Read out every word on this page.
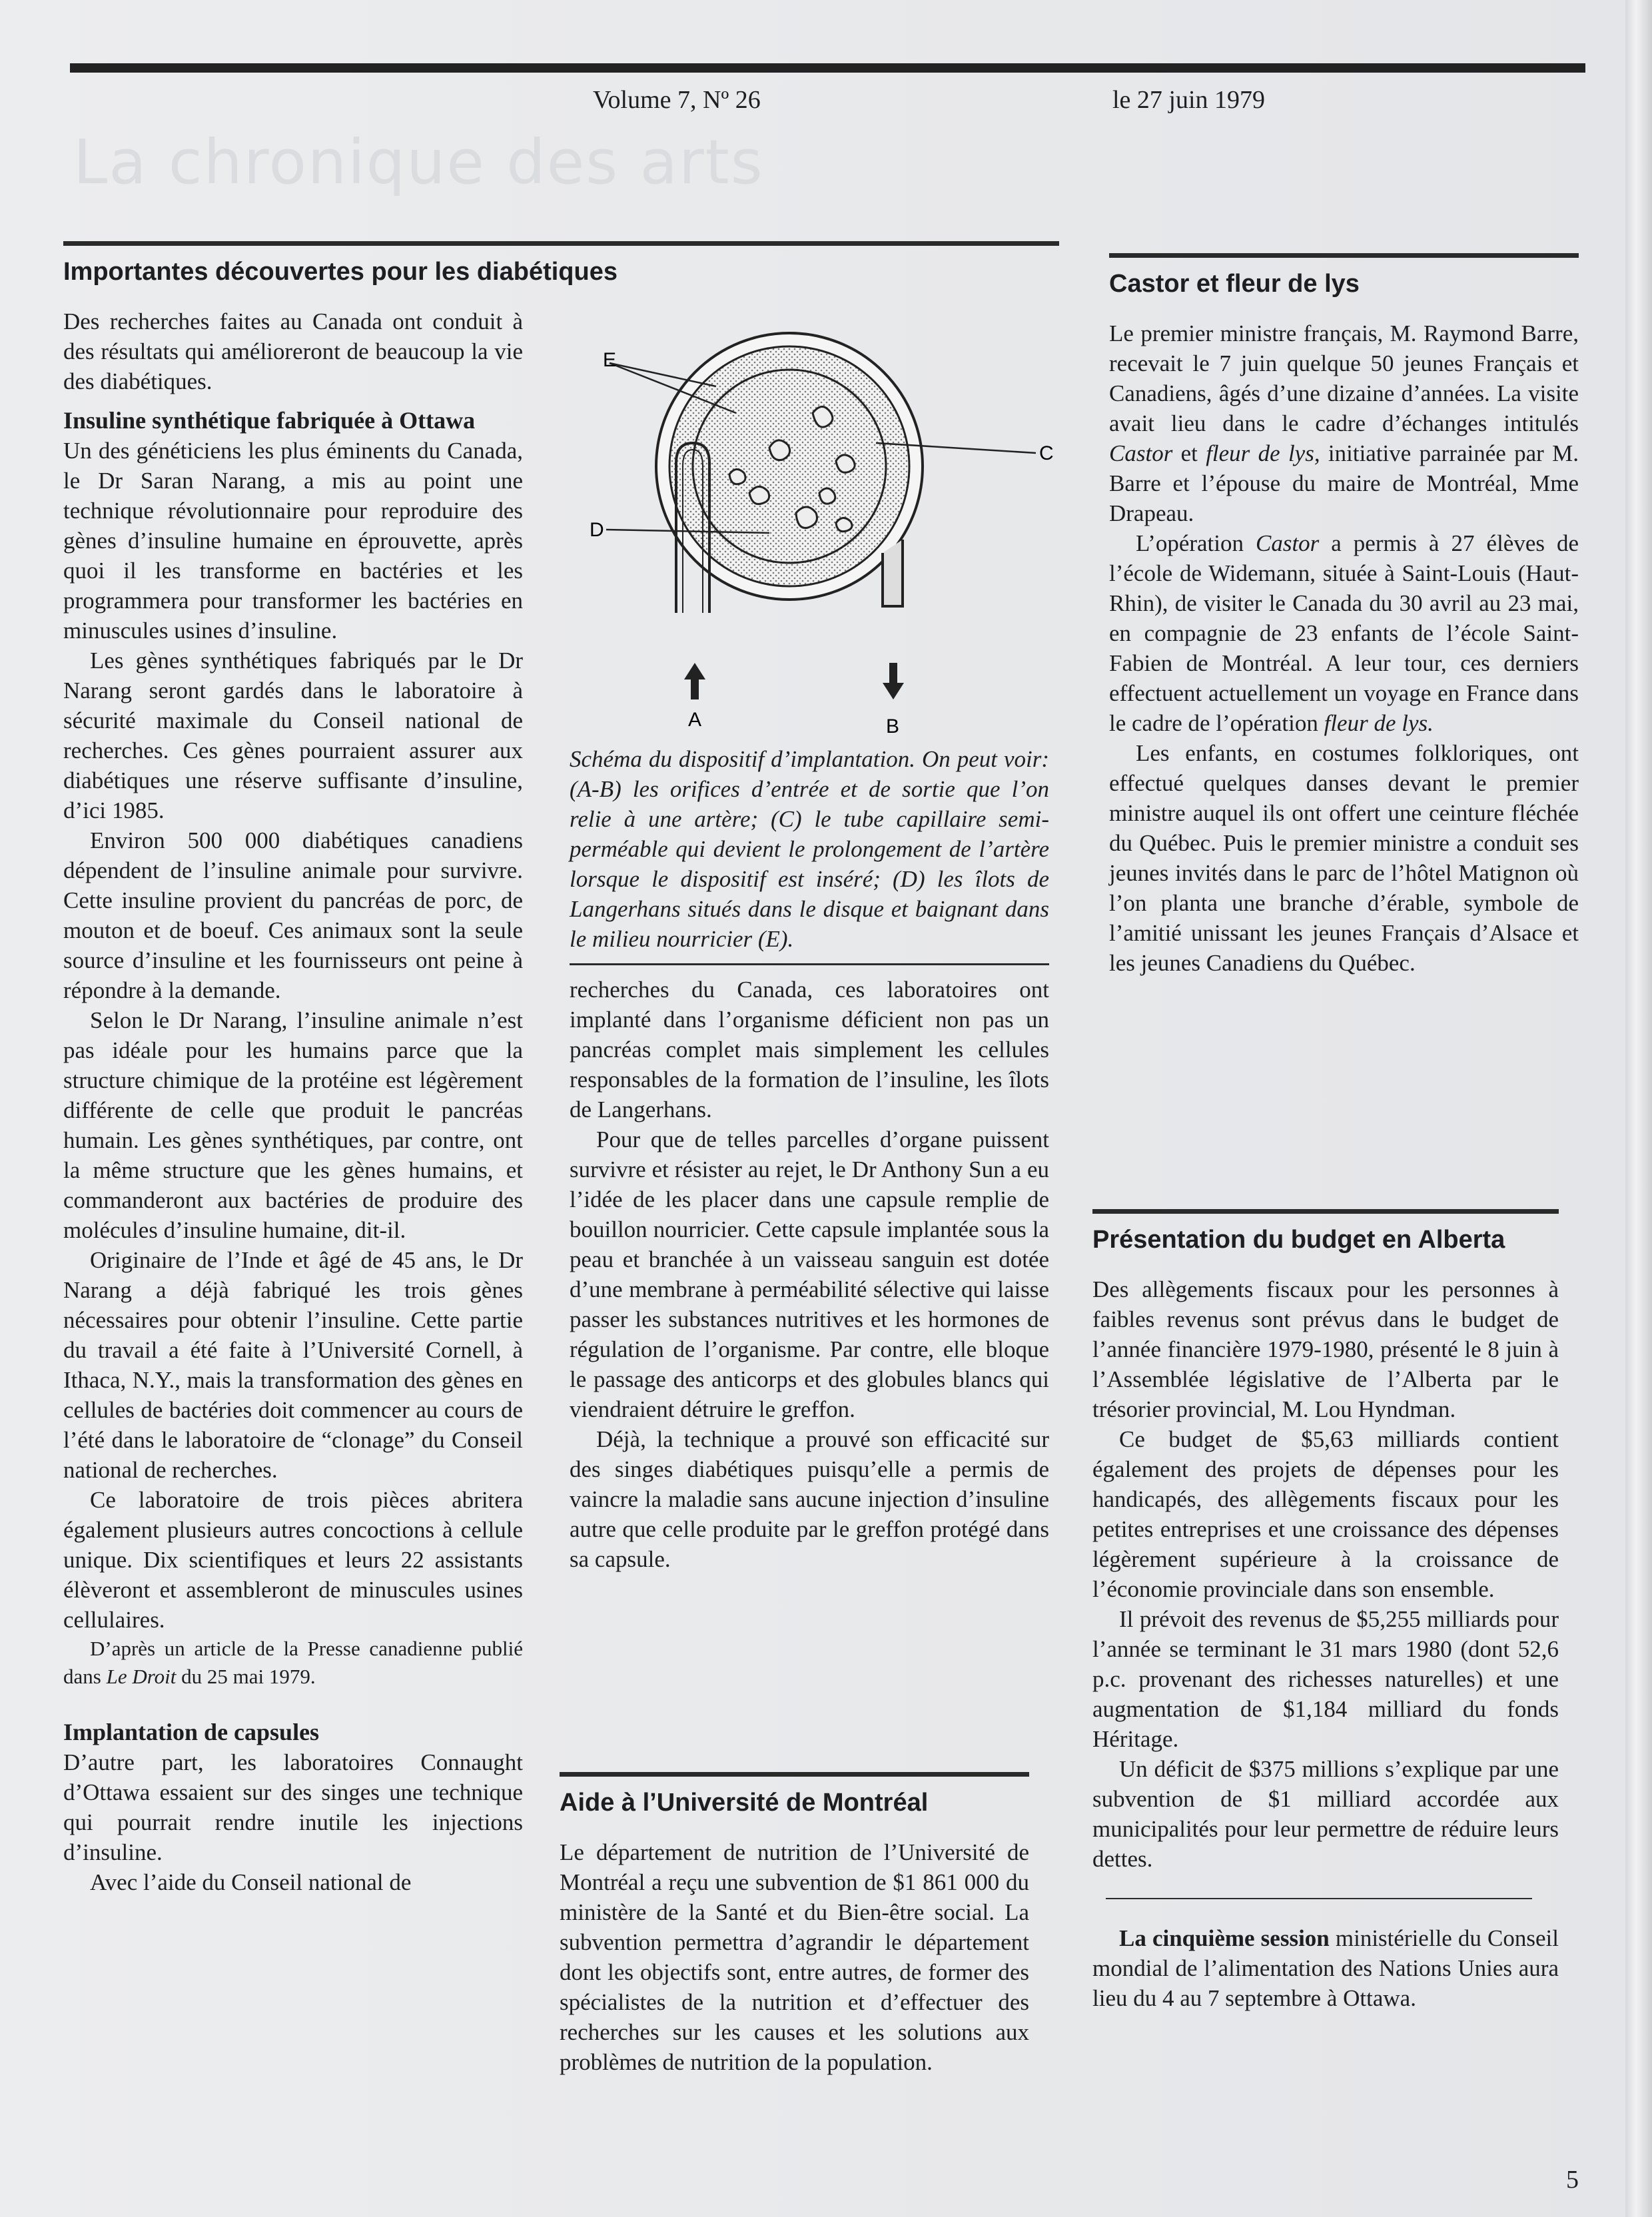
La chronique des arts
Volume 7, Nº 26	le 27 juin 1979
Importantes découvertes pour les diabétiques

Des recherches faites au Canada ont conduit à des résultats qui amélioreront de beaucoup la vie des diabétiques.

Insuline synthétique fabriquée à Ottawa

Un des généticiens les plus éminents du Canada, le Dr Saran Narang, a mis au point une technique révolutionnaire pour reproduire des gènes d’insuline humaine en éprouvette, après quoi il les transforme en bactéries et les programmera pour transformer les bactéries en minuscules usines d’insuline.

Les gènes synthétiques fabriqués par le Dr Narang seront gardés dans le laboratoire à sécurité maximale du Conseil national de recherches. Ces gènes pourraient assurer aux diabétiques une réserve suffisante d’insuline, d’ici 1985.

Environ 500 000 diabétiques canadiens dépendent de l’insuline animale pour survivre. Cette insuline provient du pancréas de porc, de mouton et de boeuf. Ces animaux sont la seule source d’insuline et les fournisseurs ont peine à répondre à la demande.

Selon le Dr Narang, l’insuline animale n’est pas idéale pour les humains parce que la structure chimique de la protéine est légèrement différente de celle que produit le pancréas humain. Les gènes synthétiques, par contre, ont la même structure que les gènes humains, et commanderont aux bactéries de produire des molécules d’insuline humaine, dit-il.

Originaire de l’Inde et âgé de 45 ans, le Dr Narang a déjà fabriqué les trois gènes nécessaires pour obtenir l’insuline. Cette partie du travail a été faite à l’Université Cornell, à Ithaca, N.Y., mais la transformation des gènes en cellules de bactéries doit commencer au cours de l’été dans le laboratoire de “clonage” du Conseil national de recherches.

Ce laboratoire de trois pièces abritera également plusieurs autres concoctions à cellule unique. Dix scientifiques et leurs 22 assistants élèveront et assembleront de minuscules usines cellulaires.

D’après un article de la Presse canadienne publié dans Le Droit du 25 mai 1979.

Implantation de capsules

D’autre part, les laboratoires Connaught d’Ottawa essaient sur des singes une technique qui pourrait rendre inutile les injections d’insuline.

Avec l’aide du Conseil national de

E
C
D
A	B
Schéma du dispositif d’implantation. On peut voir: (A-B) les orifices d’entrée et de sortie que l’on relie à une artère; (C) le tube capillaire semi-perméable qui devient le prolongement de l’artère lorsque le dispositif est inséré; (D) les îlots de Langerhans situés dans le disque et baignant dans le milieu nourricier (E).

recherches du Canada, ces laboratoires ont implanté dans l’organisme déficient non pas un pancréas complet mais simplement les cellules responsables de la formation de l’insuline, les îlots de Langerhans.

Pour que de telles parcelles d’organe puissent survivre et résister au rejet, le Dr Anthony Sun a eu l’idée de les placer dans une capsule remplie de bouillon nourricier. Cette capsule implantée sous la peau et branchée à un vaisseau sanguin est dotée d’une membrane à perméabilité sélective qui laisse passer les substances nutritives et les hormones de régulation de l’organisme. Par contre, elle bloque le passage des anticorps et des globules blancs qui viendraient détruire le greffon.

Déjà, la technique a prouvé son efficacité sur des singes diabétiques puisqu’elle a permis de vaincre la maladie sans aucune injection d’insuline autre que celle produite par le greffon protégé dans sa capsule.

Aide à l’Université de Montréal

Le département de nutrition de l’Université de Montréal a reçu une subvention de $1 861 000 du ministère de la Santé et du Bien-être social. La subvention permettra d’agrandir le département dont les objectifs sont, entre autres, de former des spécialistes de la nutrition et d’effectuer des recherches sur les causes et les solutions aux problèmes de nutrition de la population.

Castor et fleur de lys

Le premier ministre français, M. Raymond Barre, recevait le 7 juin quelque 50 jeunes Français et Canadiens, âgés d’une dizaine d’années. La visite avait lieu dans le cadre d’échanges intitulés Castor et fleur de lys, initiative parrainée par M. Barre et l’épouse du maire de Montréal, Mme Drapeau.

L’opération Castor a permis à 27 élèves de l’école de Widemann, située à Saint-Louis (Haut-Rhin), de visiter le Canada du 30 avril au 23 mai, en compagnie de 23 enfants de l’école Saint-Fabien de Montréal. A leur tour, ces derniers effectuent actuellement un voyage en France dans le cadre de l’opération fleur de lys.

Les enfants, en costumes folkloriques, ont effectué quelques danses devant le premier ministre auquel ils ont offert une ceinture fléchée du Québec. Puis le premier ministre a conduit ses jeunes invités dans le parc de l’hôtel Matignon où l’on planta une branche d’érable, symbole de l’amitié unissant les jeunes Français d’Alsace et les jeunes Canadiens du Québec.

Présentation du budget en Alberta

Des allègements fiscaux pour les personnes à faibles revenus sont prévus dans le budget de l’année financière 1979-1980, présenté le 8 juin à l’Assemblée législative de l’Alberta par le trésorier provincial, M. Lou Hyndman.

Ce budget de $5,63 milliards contient également des projets de dépenses pour les handicapés, des allègements fiscaux pour les petites entreprises et une croissance des dépenses légèrement supérieure à la croissance de l’économie provinciale dans son ensemble.

Il prévoit des revenus de $5,255 milliards pour l’année se terminant le 31 mars 1980 (dont 52,6 p.c. provenant des richesses naturelles) et une augmentation de $1,184 milliard du fonds Héritage.

Un déficit de $375 millions s’explique par une subvention de $1 milliard accordée aux municipalités pour leur permettre de réduire leurs dettes.

La cinquième session ministérielle du Conseil mondial de l’alimentation des Nations Unies aura lieu du 4 au 7 septembre à Ottawa.

5
